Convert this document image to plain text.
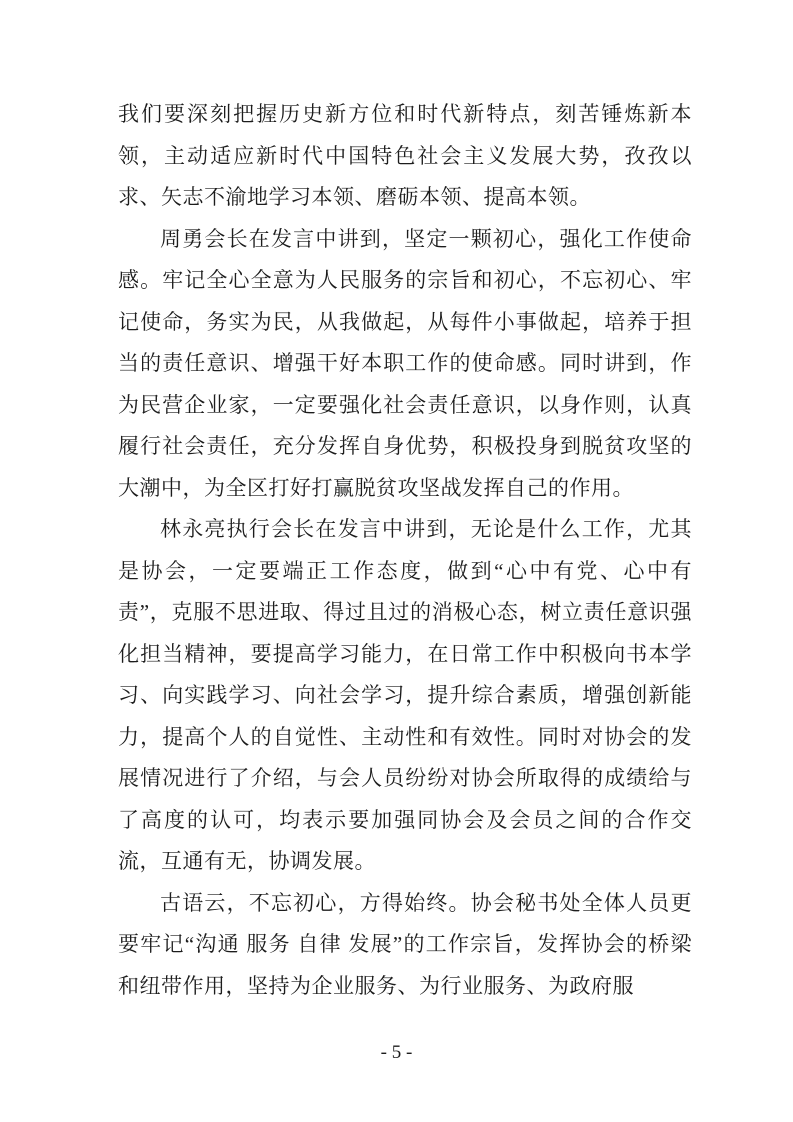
我们要深刻把握历史新方位和时代新特点，刻苦锤炼新本领，主动适应新时代中国特色社会主义发展大势，孜孜以求、矢志不渝地学习本领、磨砺本领、提高本领。

周勇会长在发言中讲到，坚定一颗初心，强化工作使命感。牢记全心全意为人民服务的宗旨和初心，不忘初心、牢记使命，务实为民，从我做起，从每件小事做起，培养于担当的责任意识、增强干好本职工作的使命感。同时讲到，作为民营企业家，一定要强化社会责任意识，以身作则，认真履行社会责任，充分发挥自身优势，积极投身到脱贫攻坚的大潮中，为全区打好打赢脱贫攻坚战发挥自己的作用。

林永亮执行会长在发言中讲到，无论是什么工作，尤其是协会，一定要端正工作态度，做到“心中有党、心中有责”，克服不思进取、得过且过的消极心态，树立责任意识强化担当精神，要提高学习能力，在日常工作中积极向书本学习、向实践学习、向社会学习，提升综合素质，增强创新能力，提高个人的自觉性、主动性和有效性。同时对协会的发展情况进行了介绍，与会人员纷纷对协会所取得的成绩给与了高度的认可，均表示要加强同协会及会员之间的合作交流，互通有无，协调发展。

古语云，不忘初心，方得始终。协会秘书处全体人员更要牢记“沟通 服务 自律 发展”的工作宗旨，发挥协会的桥梁和纽带作用，坚持为企业服务、为行业服务、为政府服

- 5 -
